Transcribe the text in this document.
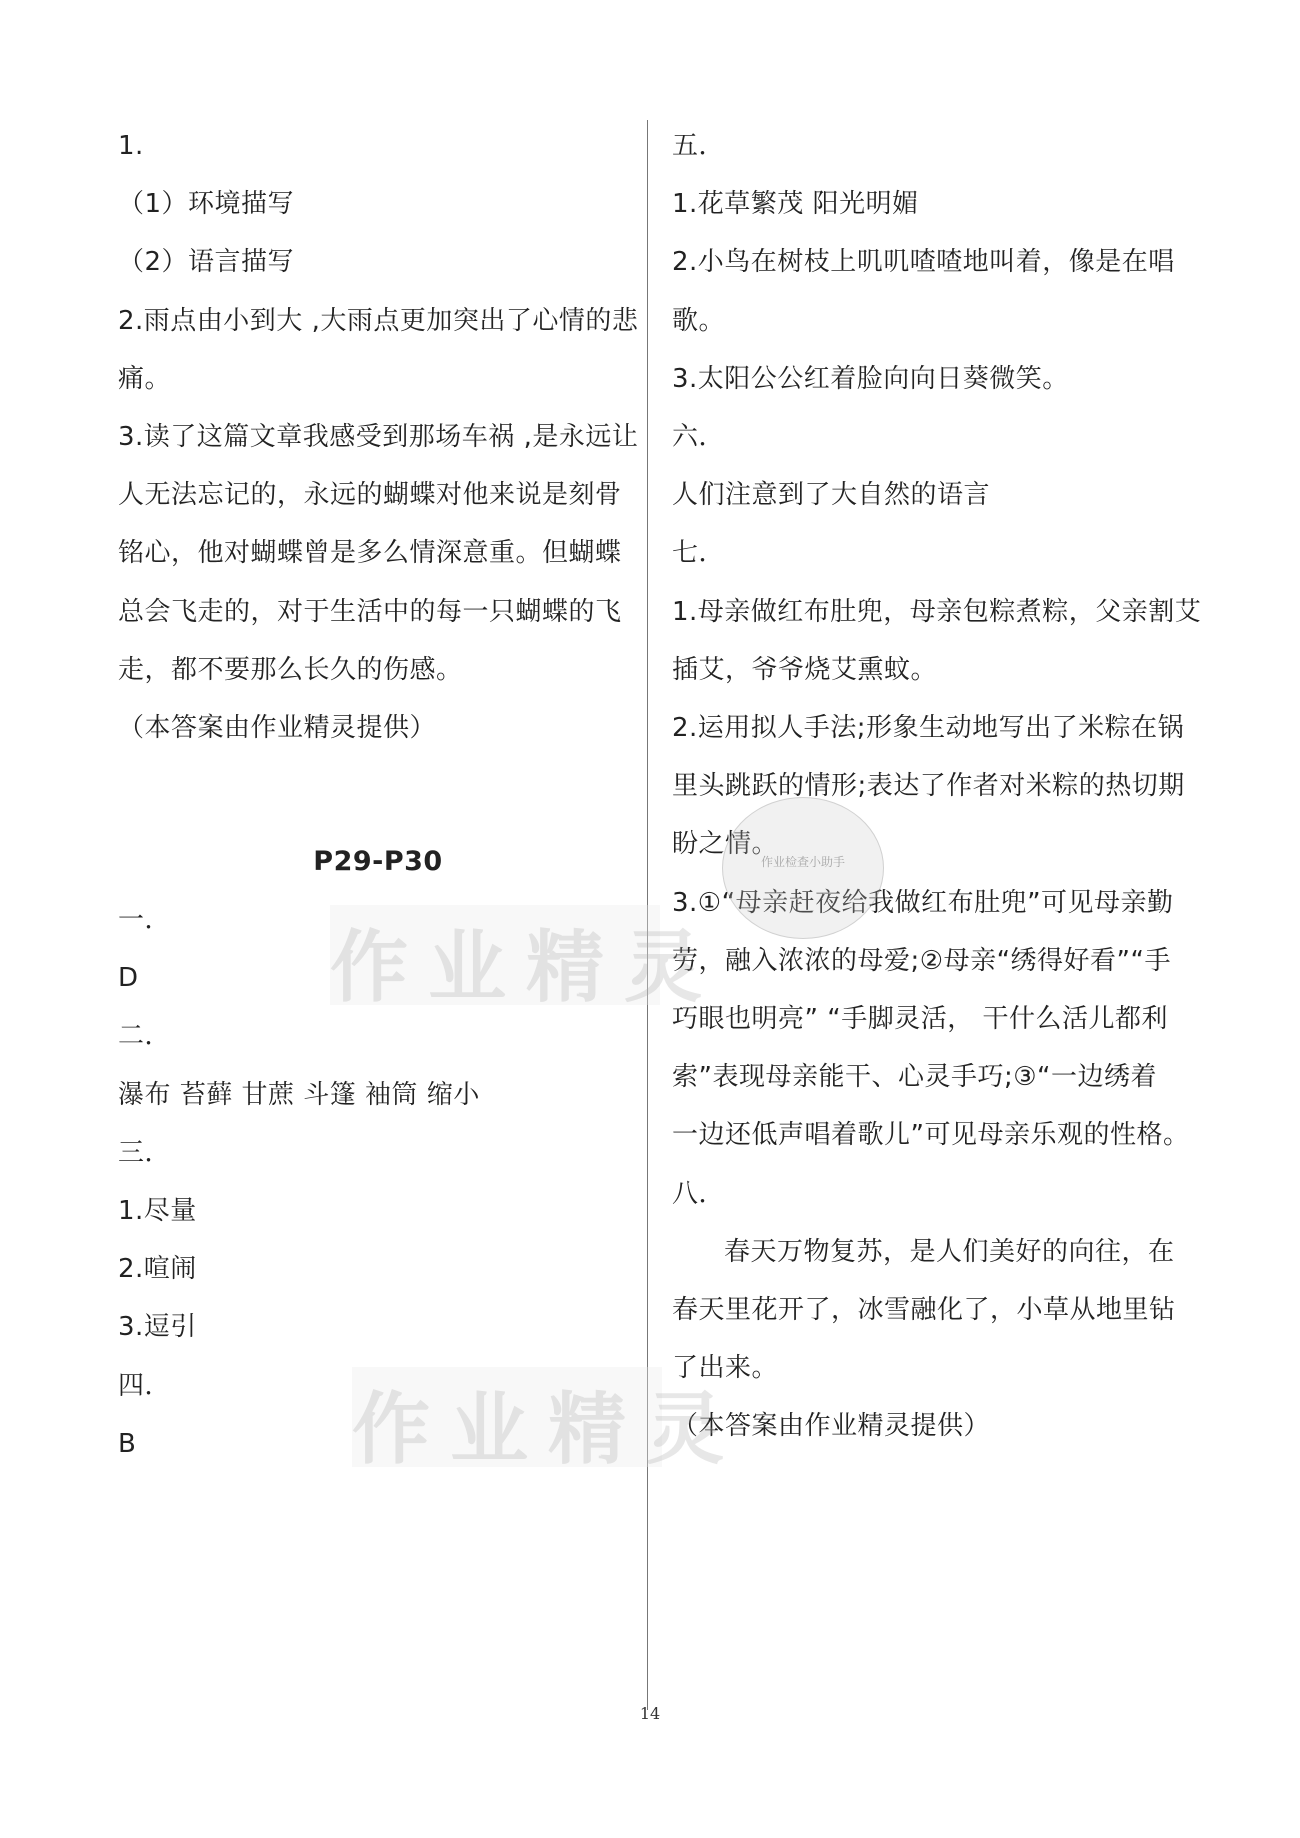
1.
（1）环境描写
（2）语言描写
2.雨点由小到大 ,大雨点更加突出了心情的悲
痛。
3.读了这篇文章我感受到那场车祸 ,是永远让
人无法忘记的，永远的蝴蝶对他来说是刻骨
铭心，他对蝴蝶曾是多么情深意重。但蝴蝶
总会飞走的，对于生活中的每一只蝴蝶的飞
走，都不要那么长久的伤感。
（本答案由作业精灵提供）
P29-P30
一．
D
二．
瀑布 苔藓 甘蔗 斗篷 袖筒 缩小
三．
1.尽量
2.喧闹
3.逗引
四．
B
五．
1.花草繁茂 阳光明媚
2.小鸟在树枝上叽叽喳喳地叫着，像是在唱
歌。
3.太阳公公红着脸向向日葵微笑。
六．
人们注意到了大自然的语言
七．
1.母亲做红布肚兜，母亲包粽煮粽，父亲割艾
插艾，爷爷烧艾熏蚊。
2.运用拟人手法;形象生动地写出了米粽在锅
里头跳跃的情形;表达了作者对米粽的热切期
盼之情。
3.①“母亲赶夜给我做红布肚兜”可见母亲勤
劳，融入浓浓的母爱;②母亲“绣得好看”“手
巧眼也明亮” “手脚灵活， 干什么活儿都利
索”表现母亲能干、心灵手巧;③“一边绣着
一边还低声唱着歌儿”可见母亲乐观的性格。
八．
春天万物复苏，是人们美好的向往，在
春天里花开了，冰雪融化了，小草从地里钻
了出来。
（本答案由作业精灵提供）
作业精灵
作业精灵
作业检查小助手
14
